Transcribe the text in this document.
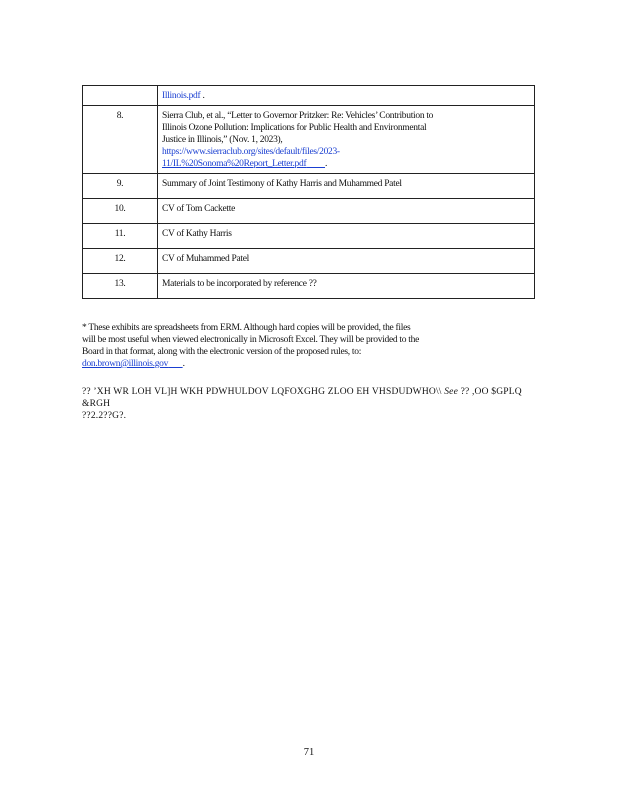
	Illinois.pdf .
8.	Sierra Club, et al., “Letter to Governor Pritzker: Re: Vehicles’ Contribution to
Illinois Ozone Pollution: Implications for Public Health and Environmental
Justice in Illinois,” (Nov. 1, 2023),
https://www.sierraclub.org/sites/default/files/2023-
11/IL%20Sonoma%20Report_Letter.pdf .

9.	Summary of Joint Testimony of Kathy Harris and Muhammed Patel
10.	CV of Tom Cackette
11.	CV of Kathy Harris
12.	CV of Muhammed Patel
13.	Materials to be incorporated by reference ??
* These exhibits are spreadsheets from ERM. Although hard copies will be provided, the files
will be most useful when viewed electronically in Microsoft Excel. They will be provided to the
Board in that format, along with the electronic version of the proposed rules, to:
don.brown@illinois.gov .
?? ’XH WR LOH VL]H WKH PDWHULDOV LQFOXGHG ZLOO EH VHSDUDWHO\\ See ?? ,OO $GPLQ &RGH
??2.2??G?.
71
